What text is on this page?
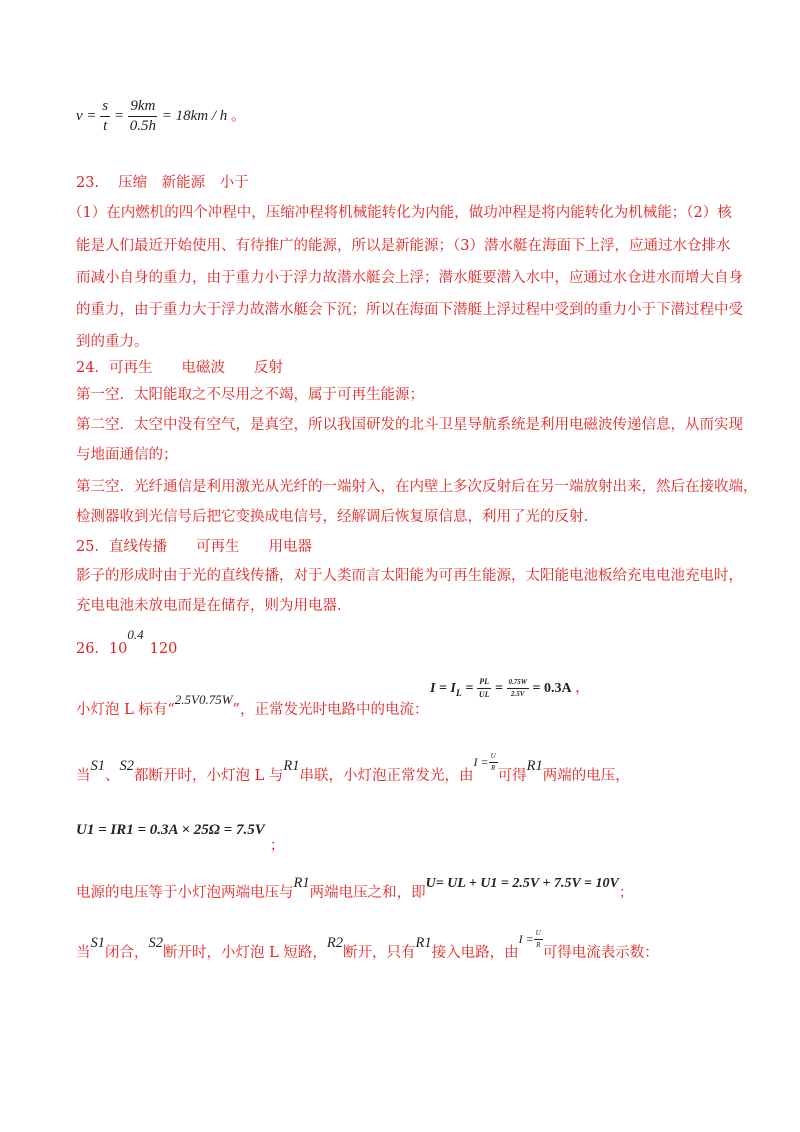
$v = \frac{s}{t} = \frac{9km}{0.5h} = 18km / h$ 。
23.　 压缩　新能源　小于
（1）在内燃机的四个冲程中，压缩冲程将机械能转化为内能，做功冲程是将内能转化为机械能；（2）核
能是人们最近开始使用、有待推广的能源，所以是新能源；（3）潜水艇在海面下上浮，应通过水仓排水
而减小自身的重力，由于重力小于浮力故潜水艇会上浮；潜水艇要潜入水中，应通过水仓进水而增大自身
的重力，由于重力大于浮力故潜水艇会下沉；所以在海面下潜艇上浮过程中受到的重力小于下潜过程中受
到的重力。
24．可再生　　电磁波　　反射
第一空．太阳能取之不尽用之不竭，属于可再生能源；
第二空．太空中没有空气，是真空，所以我国研发的北斗卫星导航系统是利用电磁波传递信息，从而实现
与地面通信的；
第三空．光纤通信是利用激光从光纤的一端射入，在内壁上多次反射后在另一端放射出来，然后在接收端，
检测器收到光信号后把它变换成电信号，经解调后恢复原信息，利用了光的反射.
25．直线传播　　可再生　　用电器
影子的形成时由于光的直线传播，对于人类而言太阳能为可再生能源，太阳能电池板给充电电池充电时，
充电电池未放电而是在储存，则为用电器.
26．100.4120
小灯泡 L 标有“2.5V0.75W”，正常发光时电路中的电流：
$I = I_L = \frac{PL}{UL} = \frac{0.75W}{2.5V} = 0.3A$ ，
当S1、S2都断开时，小灯泡 L 与R1串联，小灯泡正常发光，由$^{I =} \frac{U}{R}$
可得R1两端的电压，
U1 = IR1 = 0.3A × 25Ω = 7.5V ；
电源的电压等于小灯泡两端电压与R1两端电压之和，即U= UL + U1 = 2.5V + 7.5V = 10V；
当S1闭合，S2断开时，小灯泡 L 短路，R2断开，只有R1接入电路，由$^{I =} \frac{U}{R}$
可得电流表示数：
